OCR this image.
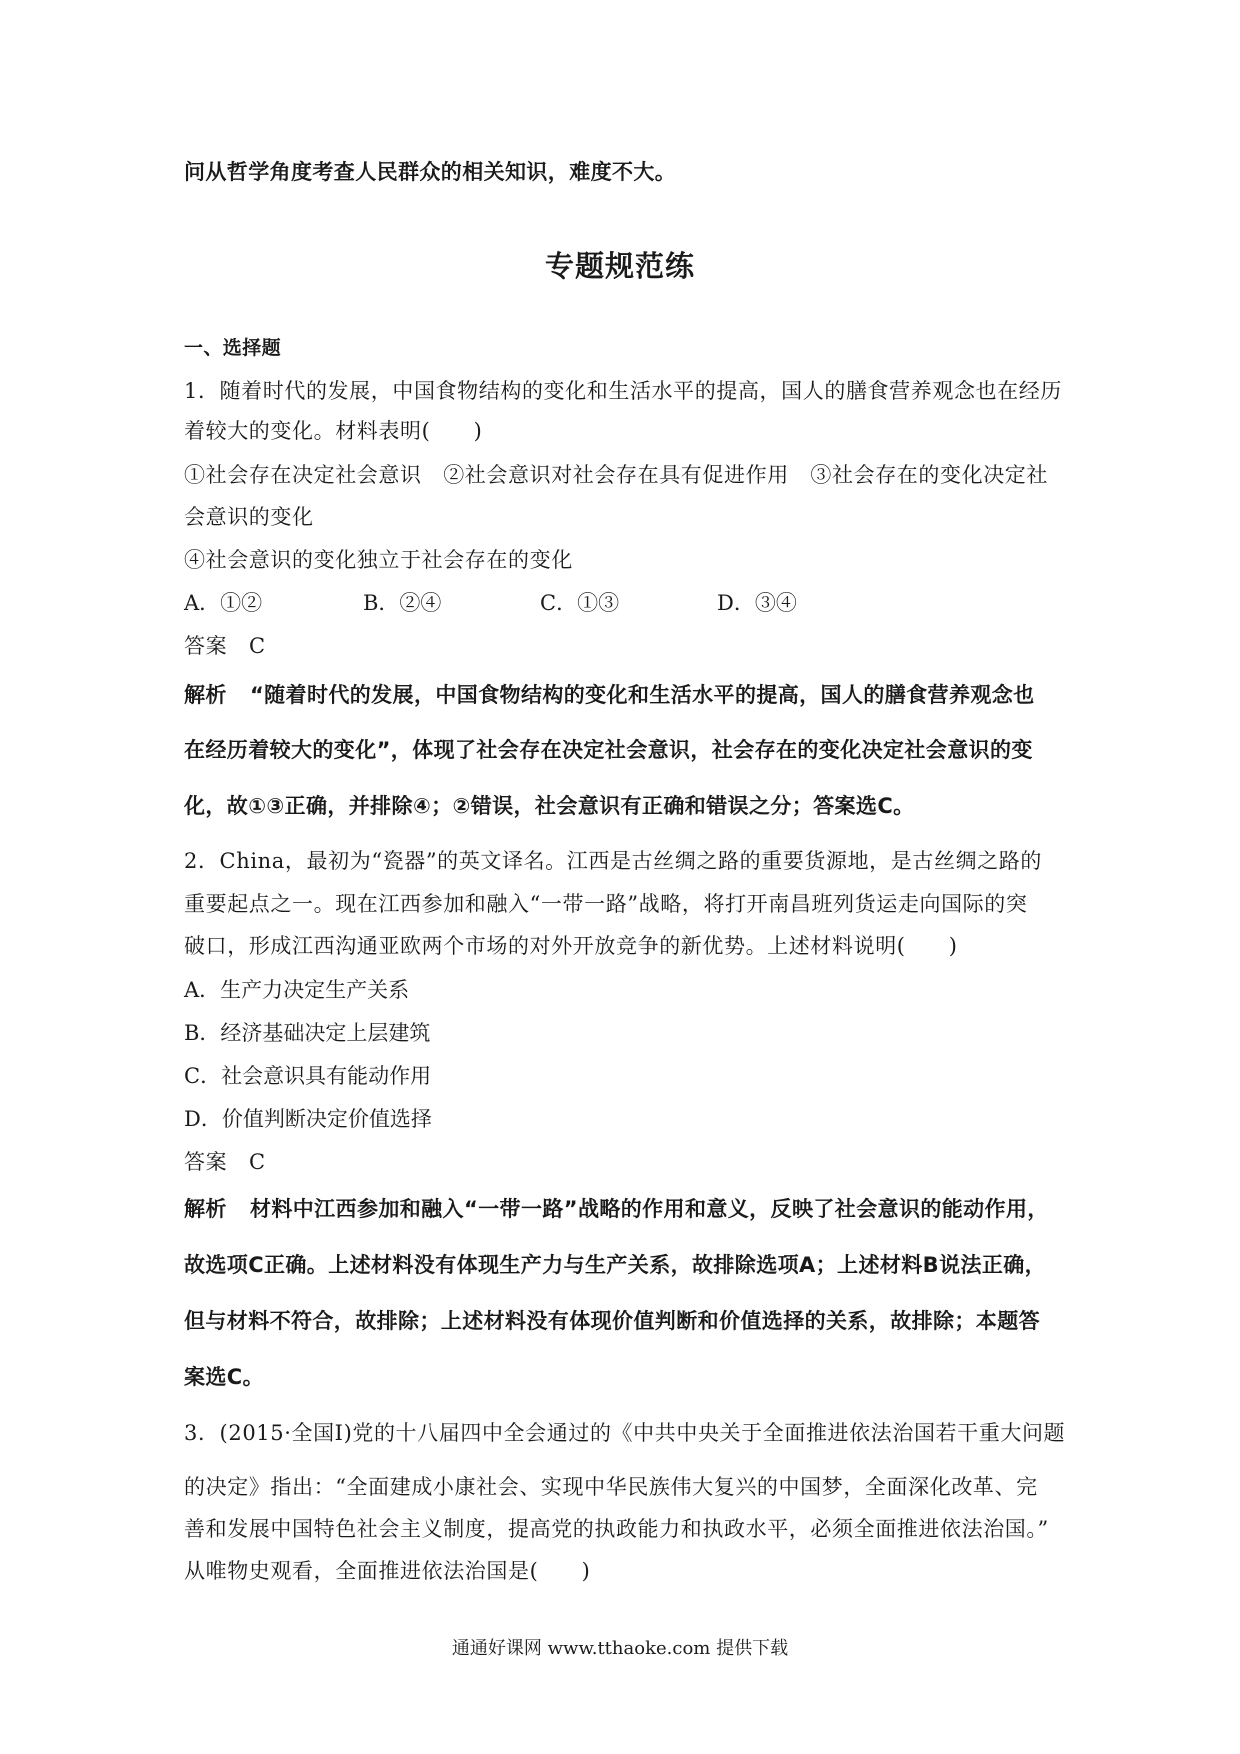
问从哲学角度考查人民群众的相关知识，难度不大。
专题规范练
一、选择题
1．随着时代的发展，中国食物结构的变化和生活水平的提高，国人的膳食营养观念也在经历
着较大的变化。材料表明(　　)
①社会存在决定社会意识　②社会意识对社会存在具有促进作用　③社会存在的变化决定社
会意识的变化
④社会意识的变化独立于社会存在的变化
A．①②	B．②④	C．①③	D．③④
答案 C
解析 “随着时代的发展，中国食物结构的变化和生活水平的提高，国人的膳食营养观念也
在经历着较大的变化”，体现了社会存在决定社会意识，社会存在的变化决定社会意识的变
化，故①③正确，并排除④；②错误，社会意识有正确和错误之分；答案选C。
2．China，最初为“瓷器”的英文译名。江西是古丝绸之路的重要货源地，是古丝绸之路的
重要起点之一。现在江西参加和融入“一带一路”战略，将打开南昌班列货运走向国际的突
破口，形成江西沟通亚欧两个市场的对外开放竞争的新优势。上述材料说明(　　)
A．生产力决定生产关系
B．经济基础决定上层建筑
C．社会意识具有能动作用
D．价值判断决定价值选择
答案 C
解析 材料中江西参加和融入“一带一路”战略的作用和意义，反映了社会意识的能动作用，
故选项C正确。上述材料没有体现生产力与生产关系，故排除选项A；上述材料B说法正确，
但与材料不符合，故排除；上述材料没有体现价值判断和价值选择的关系，故排除；本题答
案选C。
3．(2015·全国Ⅰ)党的十八届四中全会通过的《中共中央关于全面推进依法治国若干重大问题
的决定》指出：“全面建成小康社会、实现中华民族伟大复兴的中国梦，全面深化改革、完
善和发展中国特色社会主义制度，提高党的执政能力和执政水平，必须全面推进依法治国。”
从唯物史观看，全面推进依法治国是(　　)
通通好课网 www.tthaoke.com 提供下载
